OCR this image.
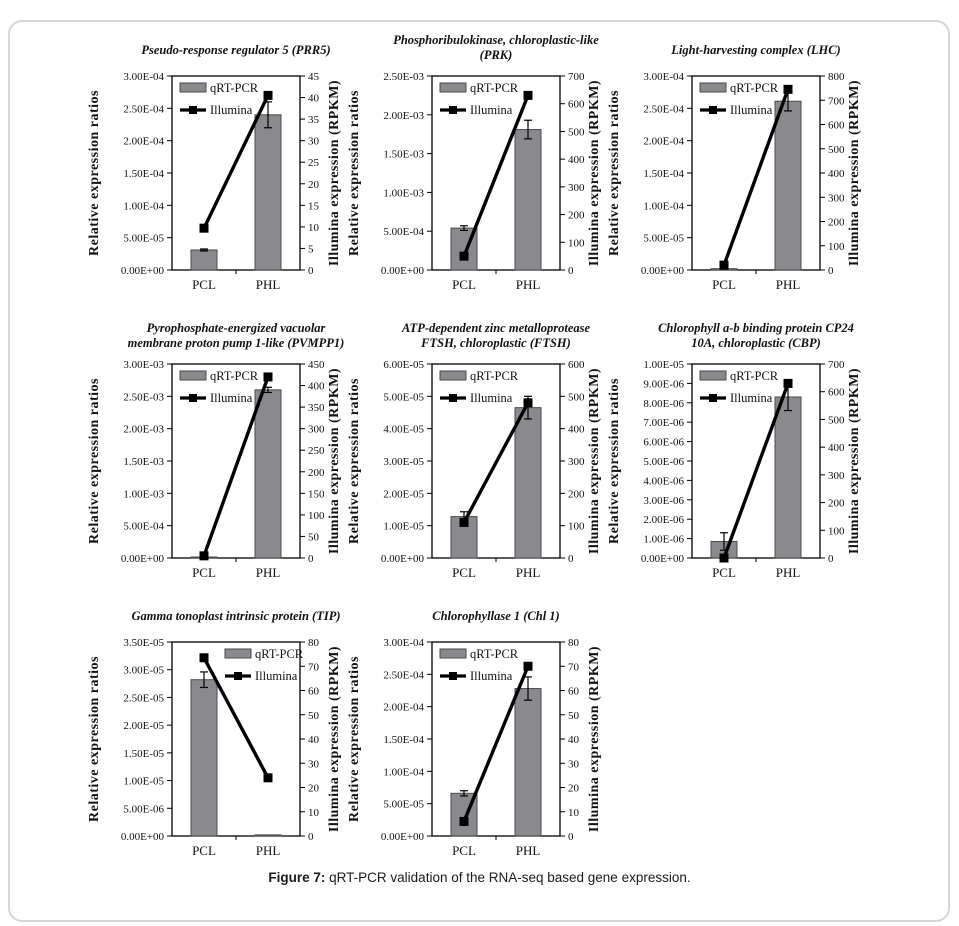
Pseudo-response regulator 5 (PRR5)
0.00E+00
5.00E-05
1.00E-04
1.50E-04
2.00E-04
2.50E-04
3.00E-04
0
5
10
15
20
25
30
35
40
45
Relative expression ratios	Illumina expression (RPKM)
PCL	PHL
qRT-PCR
Illumina
Phosphoribulokinase, chloroplastic-like
(PRK)
0.00E+00
5.00E-04
1.00E-03
1.50E-03
2.00E-03
2.50E-03
0
100
200
300
400
500
600
700
Relative expression ratios	Illumina expression (RPKM)
PCL	PHL
qRT-PCR
Illumina
Light-harvesting complex (LHC)
0.00E+00
5.00E-05
1.00E-04
1.50E-04
2.00E-04
2.50E-04
3.00E-04
0
100
200
300
400
500
600
700
800
Relative expression ratios	Illumina expression (RPKM)
PCL	PHL
qRT-PCR
Illumina
Pyrophosphate-energized vacuolar
membrane proton pump 1-like (PVMPP1)
0.00E+00
5.00E-04
1.00E-03
1.50E-03
2.00E-03
2.50E-03
3.00E-03
0
50
100
150
200
250
300
350
400
450
Relative expression ratios	Illumina expression (RPKM)
PCL	PHL
qRT-PCR
Illumina
ATP-dependent zinc metalloprotease
FTSH, chloroplastic (FTSH)
0.00E+00
1.00E-05
2.00E-05
3.00E-05
4.00E-05
5.00E-05
6.00E-05
0
100
200
300
400
500
600
Relative expression ratios	Illumina expression (RPKM)
PCL	PHL
qRT-PCR
Illumina
Chlorophyll a-b binding protein CP24
10A, chloroplastic (CBP)
0.00E+00
1.00E-06
2.00E-06
3.00E-06
4.00E-06
5.00E-06
6.00E-06
7.00E-06
8.00E-06
9.00E-06
1.00E-05
0
100
200
300
400
500
600
700
Relative expression ratios	Illumina expression (RPKM)
PCL	PHL
qRT-PCR
Illumina
Gamma tonoplast intrinsic protein (TIP)
0.00E+00
5.00E-06
1.00E-05
1.50E-05
2.00E-05
2.50E-05
3.00E-05
3.50E-05
0
10
20
30
40
50
60
70
80
Relative expression ratios	Illumina expression (RPKM)
PCL	PHL
qRT-PCR
Illumina
Chlorophyllase 1 (Chl 1)
0.00E+00
5.00E-05
1.00E-04
1.50E-04
2.00E-04
2.50E-04
3.00E-04
0
10
20
30
40
50
60
70
80
Relative expression ratios	Illumina expression (RPKM)
PCL	PHL
qRT-PCR
Illumina
Figure 7: qRT-PCR validation of the RNA-seq based gene expression.
